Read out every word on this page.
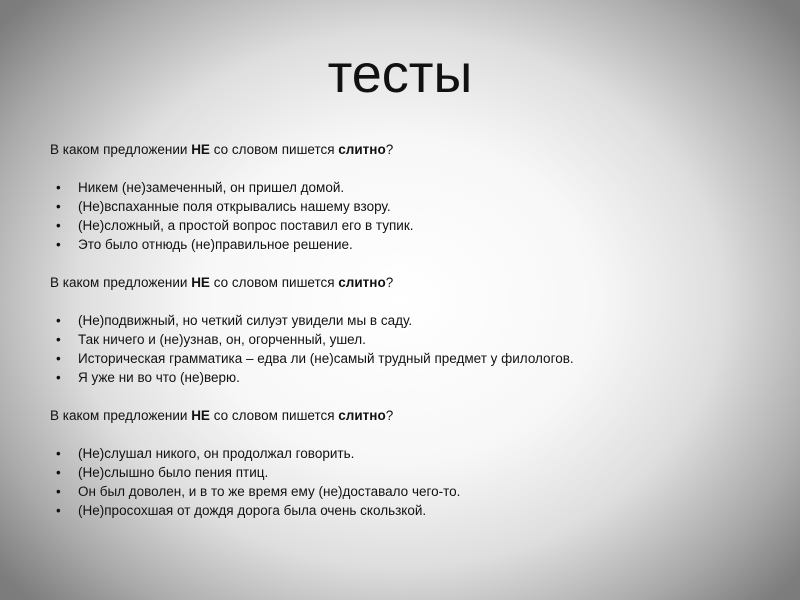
тесты

В каком предложении НЕ со словом пишется слитно?

• Никем (не)замеченный, он пришел домой.
• (Не)вспаханные поля открывались нашему взору.
• (Не)сложный, а простой вопрос поставил его в тупик.
• Это было отнюдь (не)правильное решение.

В каком предложении НЕ со словом пишется слитно?

• (Не)подвижный, но четкий силуэт увидели мы в саду.
• Так ничего и (не)узнав, он, огорченный, ушел.
• Историческая грамматика – едва ли (не)самый трудный предмет у филологов.
• Я уже ни во что (не)верю.

В каком предложении НЕ со словом пишется слитно?

• (Не)слушал никого, он продолжал говорить.
• (Не)слышно было пения птиц.
• Он был доволен, и в то же время ему (не)доставало чего-то.
• (Не)просохшая от дождя дорога была очень скользкой.
